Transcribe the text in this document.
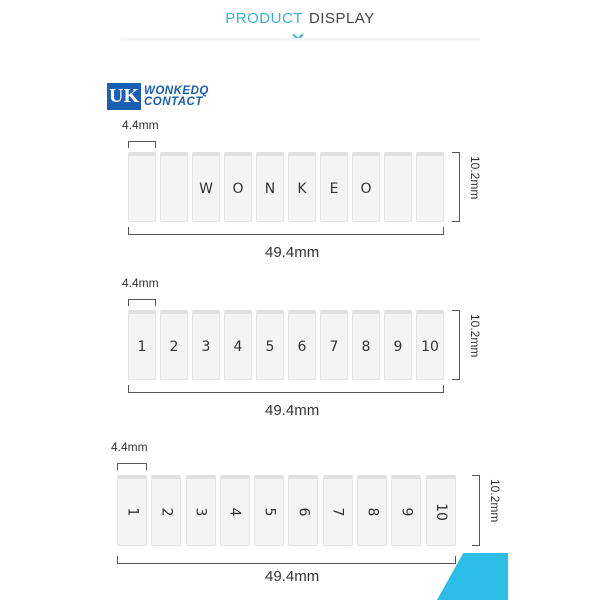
PRODUCT DISPLAY
UK WONKEDQ
CONTACT
4.4mm
W O N K E O
49.4mm
10.2mm
4.4mm
1 2 3 4 5 6 7 8 9 10
49.4mm
10.2mm
4.4mm
1 2 3 4 5 6 7 8 9 10
49.4mm
10.2mm
